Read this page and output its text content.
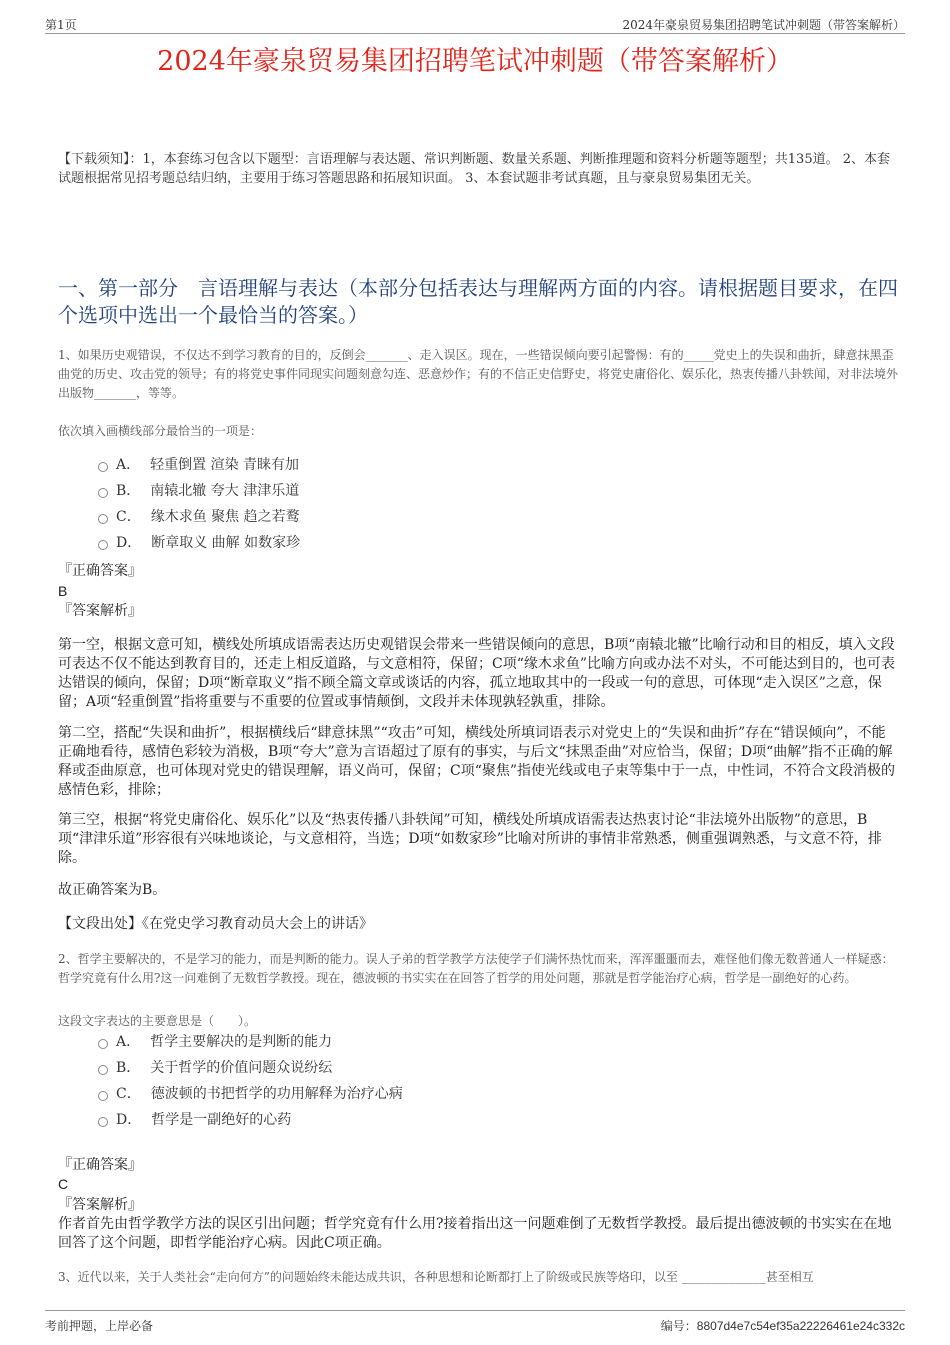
第1页	2024年豪泉贸易集团招聘笔试冲刺题（带答案解析）
2024年豪泉贸易集团招聘笔试冲刺题（带答案解析）
【下载须知】：1，本套练习包含以下题型：言语理解与表达题、常识判断题、数量关系题、判断推理题和资料分析题等题型；共135道。 2、本套试题根据常见招考题总结归纳，主要用于练习答题思路和拓展知识面。 3、本套试题非考试真题，且与豪泉贸易集团无关。
一、第一部分　言语理解与表达（本部分包括表达与理解两方面的内容。请根据题目要求，在四个选项中选出一个最恰当的答案。）
1、如果历史观错误，不仅达不到学习教育的目的，反倒会_______、走入误区。现在，一些错误倾向要引起警惕：有的_____党史上的失误和曲折，肆意抹黑歪曲党的历史、攻击党的领导；有的将党史事件同现实问题刻意勾连、恶意炒作；有的不信正史信野史，将党史庸俗化、娱乐化，热衷传播八卦轶闻，对非法境外出版物_______，等等。
依次填入画横线部分最恰当的一项是：
A． 轻重倒置 渲染 青睐有加
B． 南辕北辙 夸大 津津乐道
C． 缘木求鱼 聚焦 趋之若鹜
D． 断章取义 曲解 如数家珍
『正确答案』
B
『答案解析』
第一空，根据文意可知，横线处所填成语需表达历史观错误会带来一些错误倾向的意思，B项“南辕北辙”比喻行动和目的相反，填入文段可表达不仅不能达到教育目的，还走上相反道路，与文意相符，保留；C项“缘木求鱼”比喻方向或办法不对头，不可能达到目的，也可表达错误的倾向，保留；D项“断章取义”指不顾全篇文章或谈话的内容，孤立地取其中的一段或一句的意思，可体现“走入误区”之意，保留；A项“轻重倒置”指将重要与不重要的位置或事情颠倒，文段并未体现孰轻孰重，排除。
第二空，搭配“失误和曲折”，根据横线后“肆意抹黑”“攻击”可知，横线处所填词语表示对党史上的“失误和曲折”存在“错误倾向”，不能正确地看待，感情色彩较为消极，B项“夸大”意为言语超过了原有的事实，与后文“抹黑歪曲”对应恰当，保留；D项“曲解”指不正确的解释或歪曲原意，也可体现对党史的错误理解，语义尚可，保留；C项“聚焦”指使光线或电子束等集中于一点，中性词，不符合文段消极的感情色彩，排除；
第三空，根据“将党史庸俗化、娱乐化”以及“热衷传播八卦轶闻”可知，横线处所填成语需表达热衷讨论“非法境外出版物”的意思，B项“津津乐道”形容很有兴味地谈论，与文意相符，当选；D项“如数家珍”比喻对所讲的事情非常熟悉，侧重强调熟悉，与文意不符，排除。
故正确答案为B。
【文段出处】《在党史学习教育动员大会上的讲话》
2、哲学主要解决的，不是学习的能力，而是判断的能力。误人子弟的哲学教学方法使学子们满怀热忱而来，浑浑噩噩而去，难怪他们像无数普通人一样疑惑：哲学究竟有什么用?这一问难倒了无数哲学教授。现在，德波顿的书实实在在回答了哲学的用处问题，那就是哲学能治疗心病，哲学是一副绝好的心药。
这段文字表达的主要意思是（　　）。
A． 哲学主要解决的是判断的能力
B． 关于哲学的价值问题众说纷纭
C． 德波顿的书把哲学的功用解释为治疗心病
D． 哲学是一副绝好的心药
『正确答案』
C
『答案解析』
作者首先由哲学教学方法的误区引出问题；哲学究竟有什么用?接着指出这一问题难倒了无数哲学教授。最后提出德波顿的书实实在在地回答了这个问题，即哲学能治疗心病。因此C项正确。
3、近代以来，关于人类社会“走向何方”的问题始终未能达成共识，各种思想和论断都打上了阶级或民族等烙印，以至 ______________甚至相互
考前押题，上岸必备	编号：8807d4e7c54ef35a22226461e24c332c
